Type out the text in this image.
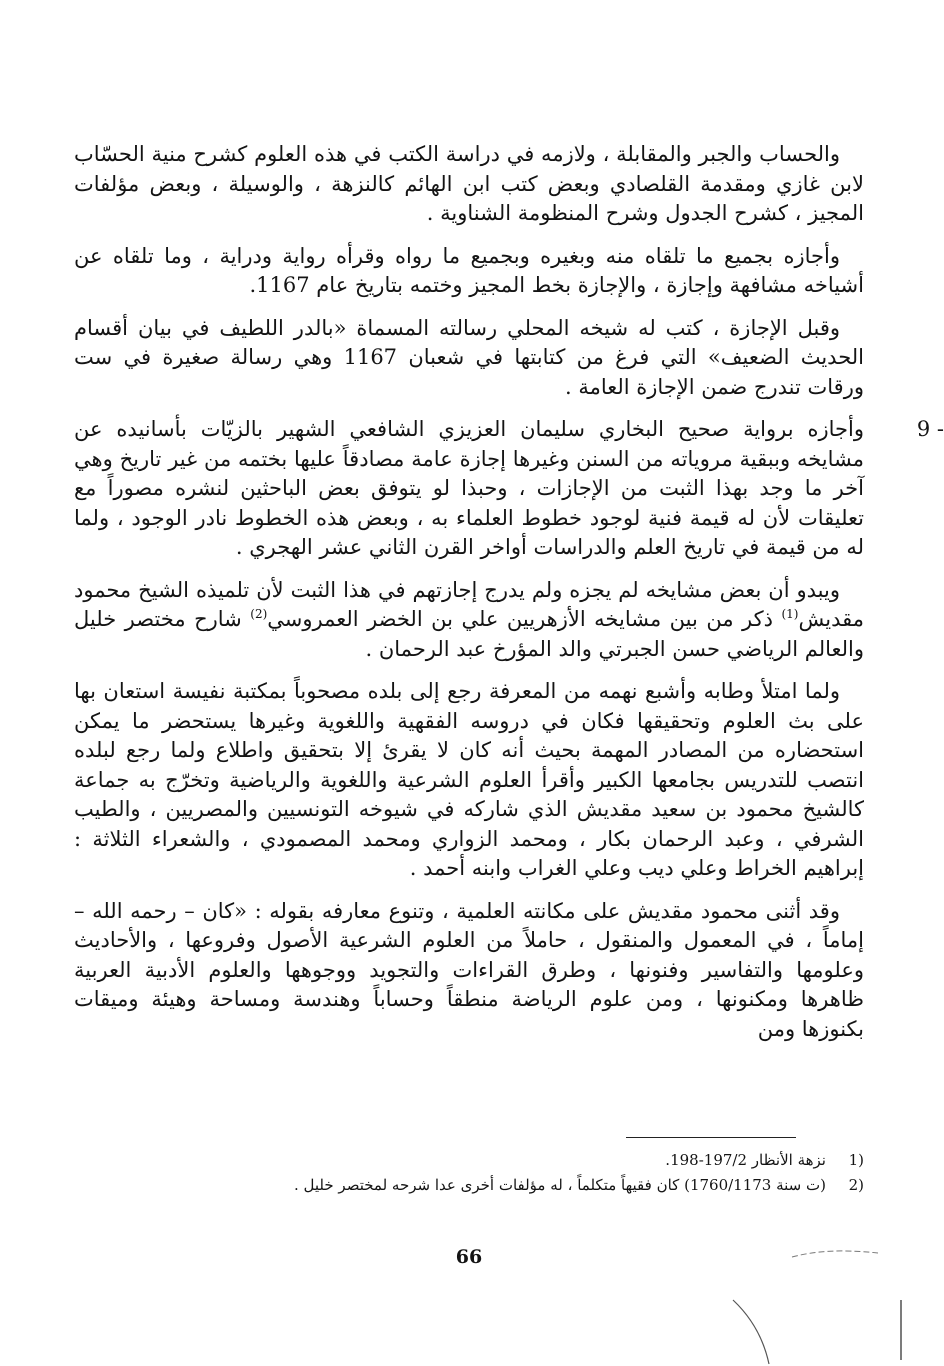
والحساب والجبر والمقابلة ، ولازمه في دراسة الكتب في هذه العلوم كشرح منية الحسّاب لابن غازي ومقدمة القلصادي وبعض كتب ابن الهائم كالنزهة ، والوسيلة ، وبعض مؤلفات المجيز ، كشرح الجدول وشرح المنظومة الشناوية .

وأجازه بجميع ما تلقاه منه وبغيره وبجميع ما رواه وقرأه رواية ودراية ، وما تلقاه عن أشياخه مشافهة وإجازة ، والإجازة بخط المجيز وختمه بتاريخ عام 1167.

وقبل الإجازة ، كتب له شيخه المحلي رسالته المسماة «بالدر اللطيف في بيان أقسام الحديث الضعيف» التي فرغ من كتابتها في شعبان 1167 وهي رسالة صغيرة في ست ورقات تندرج ضمن الإجازة العامة .

9 -
وأجازه برواية صحيح البخاري سليمان العزيزي الشافعي الشهير بالزيّات بأسانيده عن مشايخه وببقية مروياته من السنن وغيرها إجازة عامة مصادقاً عليها بختمه من غير تاريخ وهي آخر ما وجد بهذا الثبت من الإجازات ، وحبذا لو يتوفق بعض الباحثين لنشره مصوراً مع تعليقات لأن له قيمة فنية لوجود خطوط العلماء به ، وبعض هذه الخطوط نادر الوجود ، ولما له من قيمة في تاريخ العلم والدراسات أواخر القرن الثاني عشر الهجري .

ويبدو أن بعض مشايخه لم يجزه ولم يدرج إجازتهم في هذا الثبت لأن تلميذه الشيخ محمود مقديش$^{(1)}$ ذكر من بين مشايخه الأزهريين علي بن الخضر العمروسي$^{(2)}$ شارح مختصر خليل والعالم الرياضي حسن الجبرتي والد المؤرخ عبد الرحمان .

ولما امتلأ وطابه وأشبع نهمه من المعرفة رجع إلى بلده مصحوباً بمكتبة نفيسة استعان بها على بث العلوم وتحقيقها فكان في دروسه الفقهية واللغوية وغيرها يستحضر ما يمكن استحضاره من المصادر المهمة بحيث أنه كان لا يقرئ إلا بتحقيق واطلاع ولما رجع لبلده انتصب للتدريس بجامعها الكبير وأقرأ العلوم الشرعية واللغوية والرياضية وتخرّج به جماعة كالشيخ محمود بن سعيد مقديش الذي شاركه في شيوخه التونسيين والمصريين ، والطيب الشرفي ، وعبد الرحمان بكار ، ومحمد الزواري ومحمد المصمودي ، والشعراء الثلاثة : إبراهيم الخراط وعلي ديب وعلي الغراب وابنه أحمد .

وقد أثنى محمود مقديش على مكانته العلمية ، وتنوع معارفه بقوله : «كان – رحمه الله – إماماً ، في المعمول والمنقول ، حاملاً من العلوم الشرعية الأصول وفروعها ، والأحاديث وعلومها والتفاسير وفنونها ، وطرق القراءات والتجويد ووجوهها والعلوم الأدبية العربية ظاهرها ومكنونها ، ومن علوم الرياضة منطقاً وحساباً وهندسة ومساحة وهيئة وميقات بكنوزها ومن

1)
نزهة الأنظار 197/2-198.
2)
(ت سنة 1760/1173) كان فقيهاً متكلماً ، له مؤلفات أخرى عدا شرحه لمختصر خليل .
66
